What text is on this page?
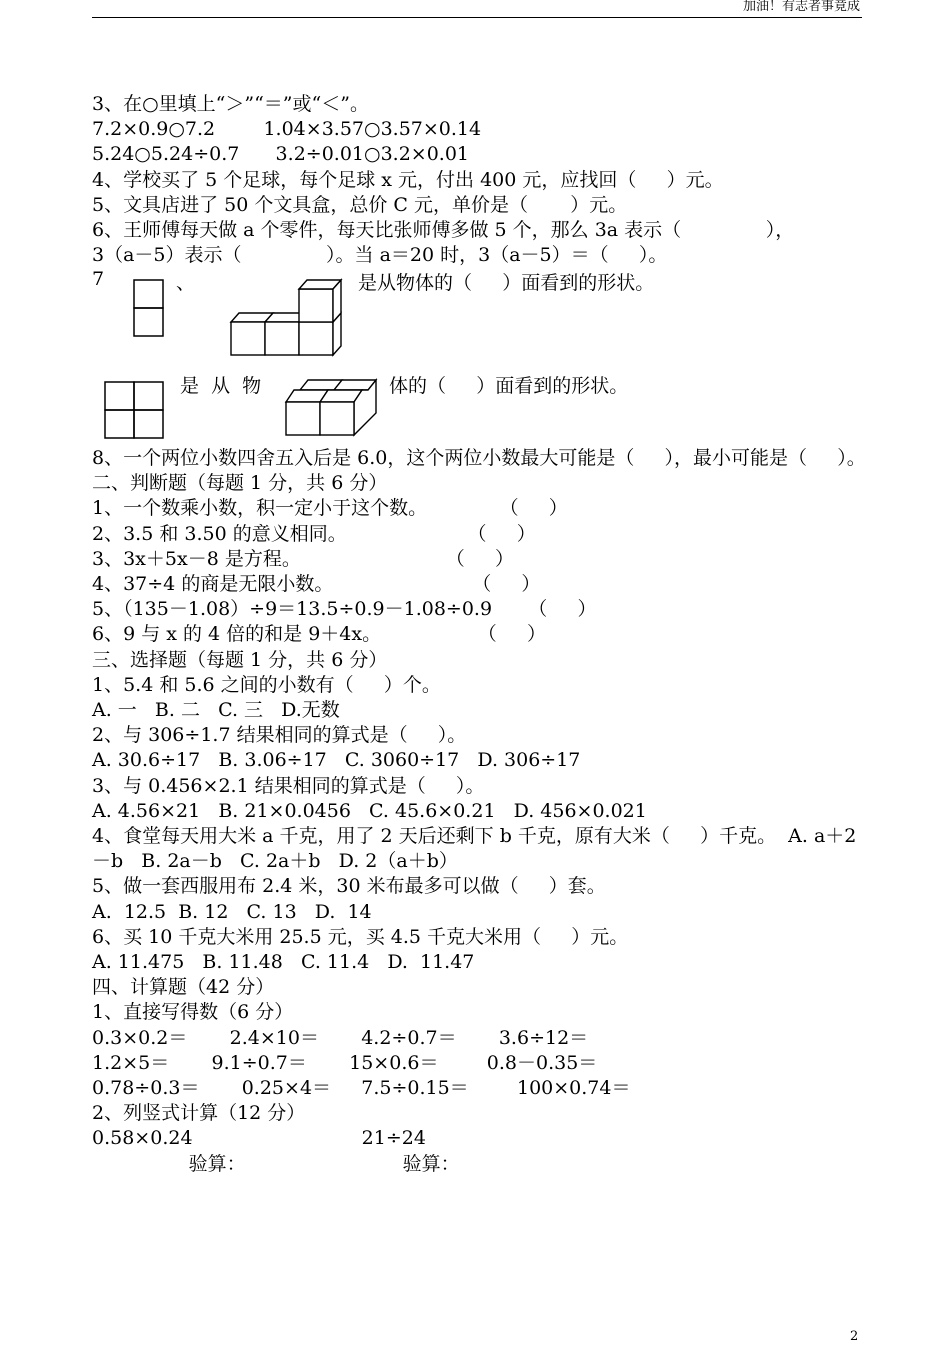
加油！有志者事竟成
3、在○里填上“＞”“＝”或“＜”。
7.2×0.9○7.2        1.04×3.57○3.57×0.14
5.24○5.24÷0.7      3.2÷0.01○3.2×0.01
4、学校买了 5 个足球，每个足球 x 元，付出 400 元，应找回（     ）元。
5、文具店进了 50 个文具盒，总价 C 元，单价是（       ）元。
6、王师傅每天做 a 个零件，每天比张师傅多做 5 个，那么 3a 表示（              ），
3（a－5）表示（              ）。当 a＝20 时，3（a－5）＝（     ）。
7	、	是从物体的（     ）面看到的形状。
是  从  物	体的（     ）面看到的形状。
8、一个两位小数四舍五入后是 6.0，这个两位小数最大可能是（     ），最小可能是（     ）。
二、判断题（每题 1 分，共 6 分）
1、一个数乘小数，积一定小于这个数。            （     ）
2、3.5 和 3.50 的意义相同。                    （     ）
3、3x＋5x－8 是方程。                        （     ）
4、37÷4 的商是无限小数。                       （     ）
5、（135－1.08）÷9＝13.5÷0.9－1.08÷0.9      （     ）
6、9 与 x 的 4 倍的和是 9＋4x。                （     ）
三、选择题（每题 1 分，共 6 分）
1、5.4 和 5.6 之间的小数有（     ）个。
A. 一   B. 二   C. 三   D.无数
2、与 306÷1.7 结果相同的算式是（     ）。
A. 30.6÷17   B. 3.06÷17   C. 3060÷17   D. 306÷17
3、与 0.456×2.1 结果相同的算式是（     ）。
A. 4.56×21   B. 21×0.0456   C. 45.6×0.21   D. 456×0.021
4、食堂每天用大米 a 千克，用了 2 天后还剩下 b 千克，原有大米（     ）千克。  A. a＋2－b   B. 2a－b   C. 2a＋b   D. 2（a＋b）
5、做一套西服用布 2.4 米，30 米布最多可以做（     ）套。
A.  12.5  B. 12   C. 13   D.  14
6、买 10 千克大米用 25.5 元，买 4.5 千克大米用（     ）元。
A. 11.475   B. 11.48   C. 11.4   D.  11.47
四、计算题（42 分）
1、直接写得数（6 分）
0.3×0.2＝       2.4×10＝       4.2÷0.7＝       3.6÷12＝
1.2×5＝       9.1÷0.7＝       15×0.6＝        0.8－0.35＝
0.78÷0.3＝       0.25×4＝     7.5÷0.15＝        100×0.74＝
2、列竖式计算（12 分）
0.58×0.24                            21÷24
验算：                          验算：
2
